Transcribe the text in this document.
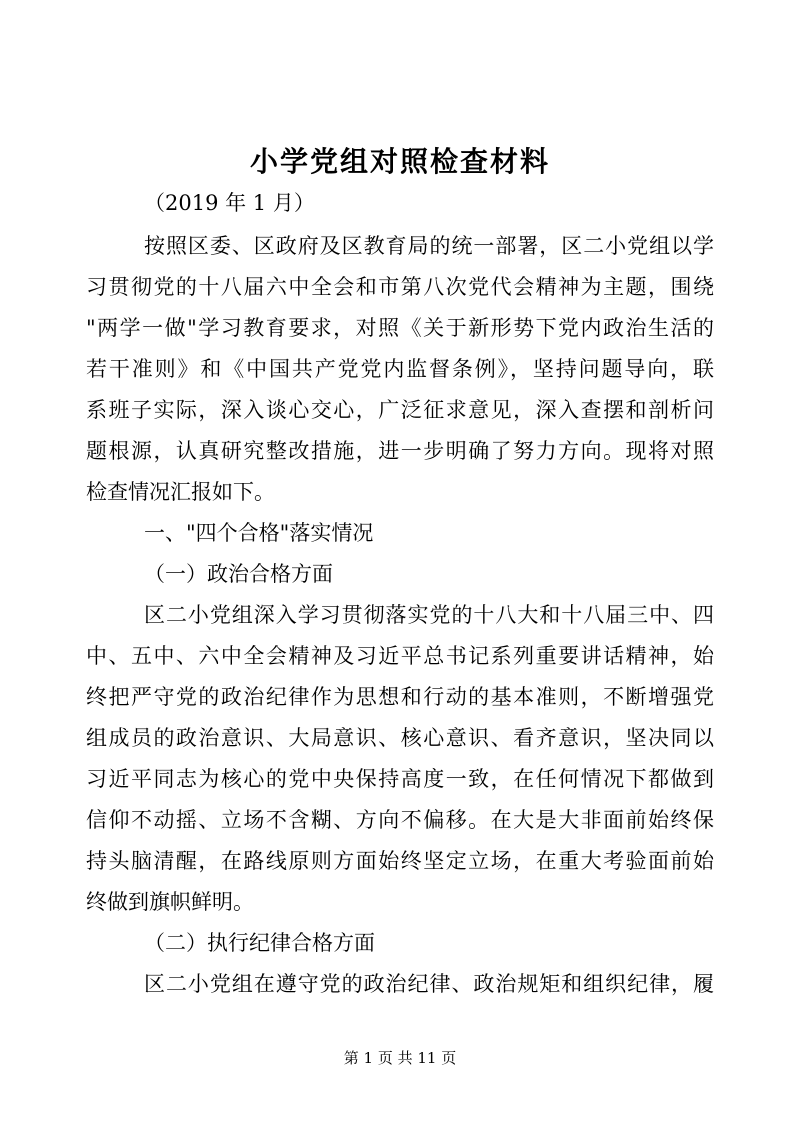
小学党组对照检查材料
（2019 年 1 月）
按照区委、区政府及区教育局的统一部署，区二小党组以学
习贯彻党的十八届六中全会和市第八次党代会精神为主题，围绕
"两学一做"学习教育要求，对照《关于新形势下党内政治生活的
若干准则》和《中国共产党党内监督条例》，坚持问题导向，联
系班子实际，深入谈心交心，广泛征求意见，深入查摆和剖析问
题根源，认真研究整改措施，进一步明确了努力方向。现将对照
检查情况汇报如下。
一、"四个合格"落实情况
（一）政治合格方面
区二小党组深入学习贯彻落实党的十八大和十八届三中、四
中、五中、六中全会精神及习近平总书记系列重要讲话精神，始
终把严守党的政治纪律作为思想和行动的基本准则，不断增强党
组成员的政治意识、大局意识、核心意识、看齐意识，坚决同以
习近平同志为核心的党中央保持高度一致，在任何情况下都做到
信仰不动摇、立场不含糊、方向不偏移。在大是大非面前始终保
持头脑清醒，在路线原则方面始终坚定立场，在重大考验面前始
终做到旗帜鲜明。
（二）执行纪律合格方面
区二小党组在遵守党的政治纪律、政治规矩和组织纪律，履
第 1 页 共 11 页
